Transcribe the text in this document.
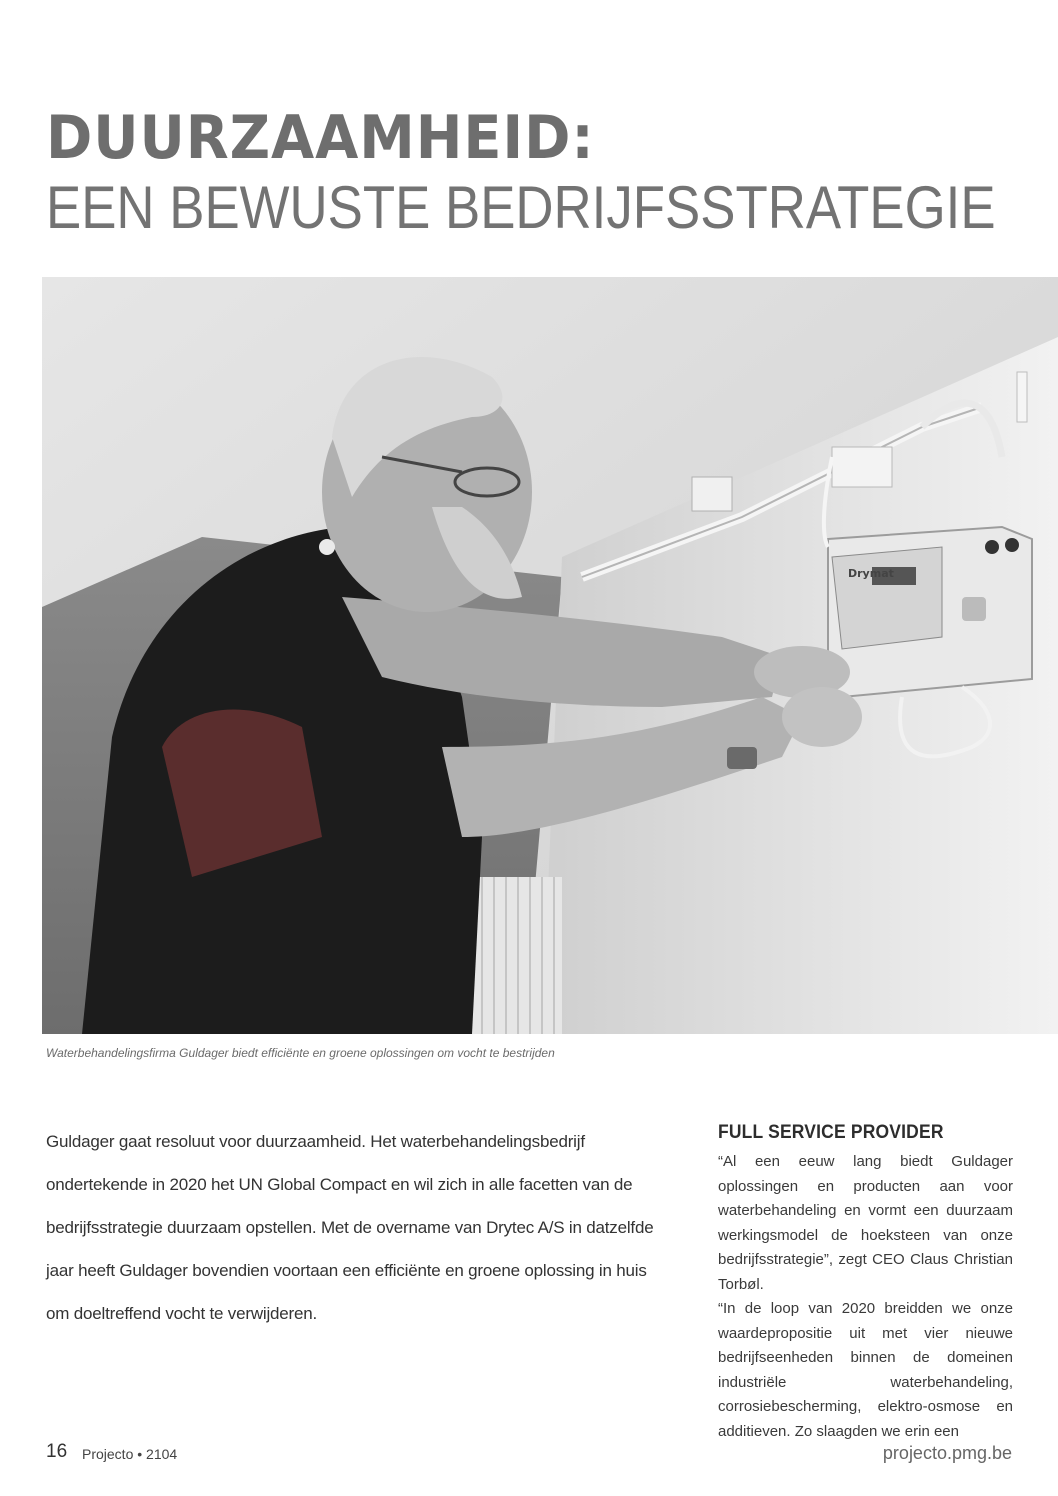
DUURZAAMHEID:
EEN BEWUSTE BEDRIJFSSTRATEGIE
Drymat
Waterbehandelingsfirma Guldager biedt efficiënte en groene oplossingen om vocht te bestrijden

Guldager gaat resoluut voor duurzaamheid. Het waterbehandelingsbedrijf ondertekende in 2020 het UN Global Compact en wil zich in alle facetten van de bedrijfsstrategie duurzaam opstellen. Met de overname van Drytec A/S in datzelfde jaar heeft Guldager bovendien voortaan een efficiënte en groene oplossing in huis om doeltreffend vocht te verwijderen.

FULL SERVICE PROVIDER

“Al een eeuw lang biedt Guldager oplossingen en producten aan voor waterbehandeling en vormt een duurzaam werkingsmodel de hoeksteen van onze bedrijfsstrategie”, zegt CEO Claus Christian Torbøl.

“In de loop van 2020 breidden we onze waardepropositie uit met vier nieuwe bedrijfseenheden binnen de domeinen industriële waterbehandeling, corrosiebescherming, elektro-osmose en additieven. Zo slaagden we erin een

16 Projecto • 2104	projecto.pmg.be
